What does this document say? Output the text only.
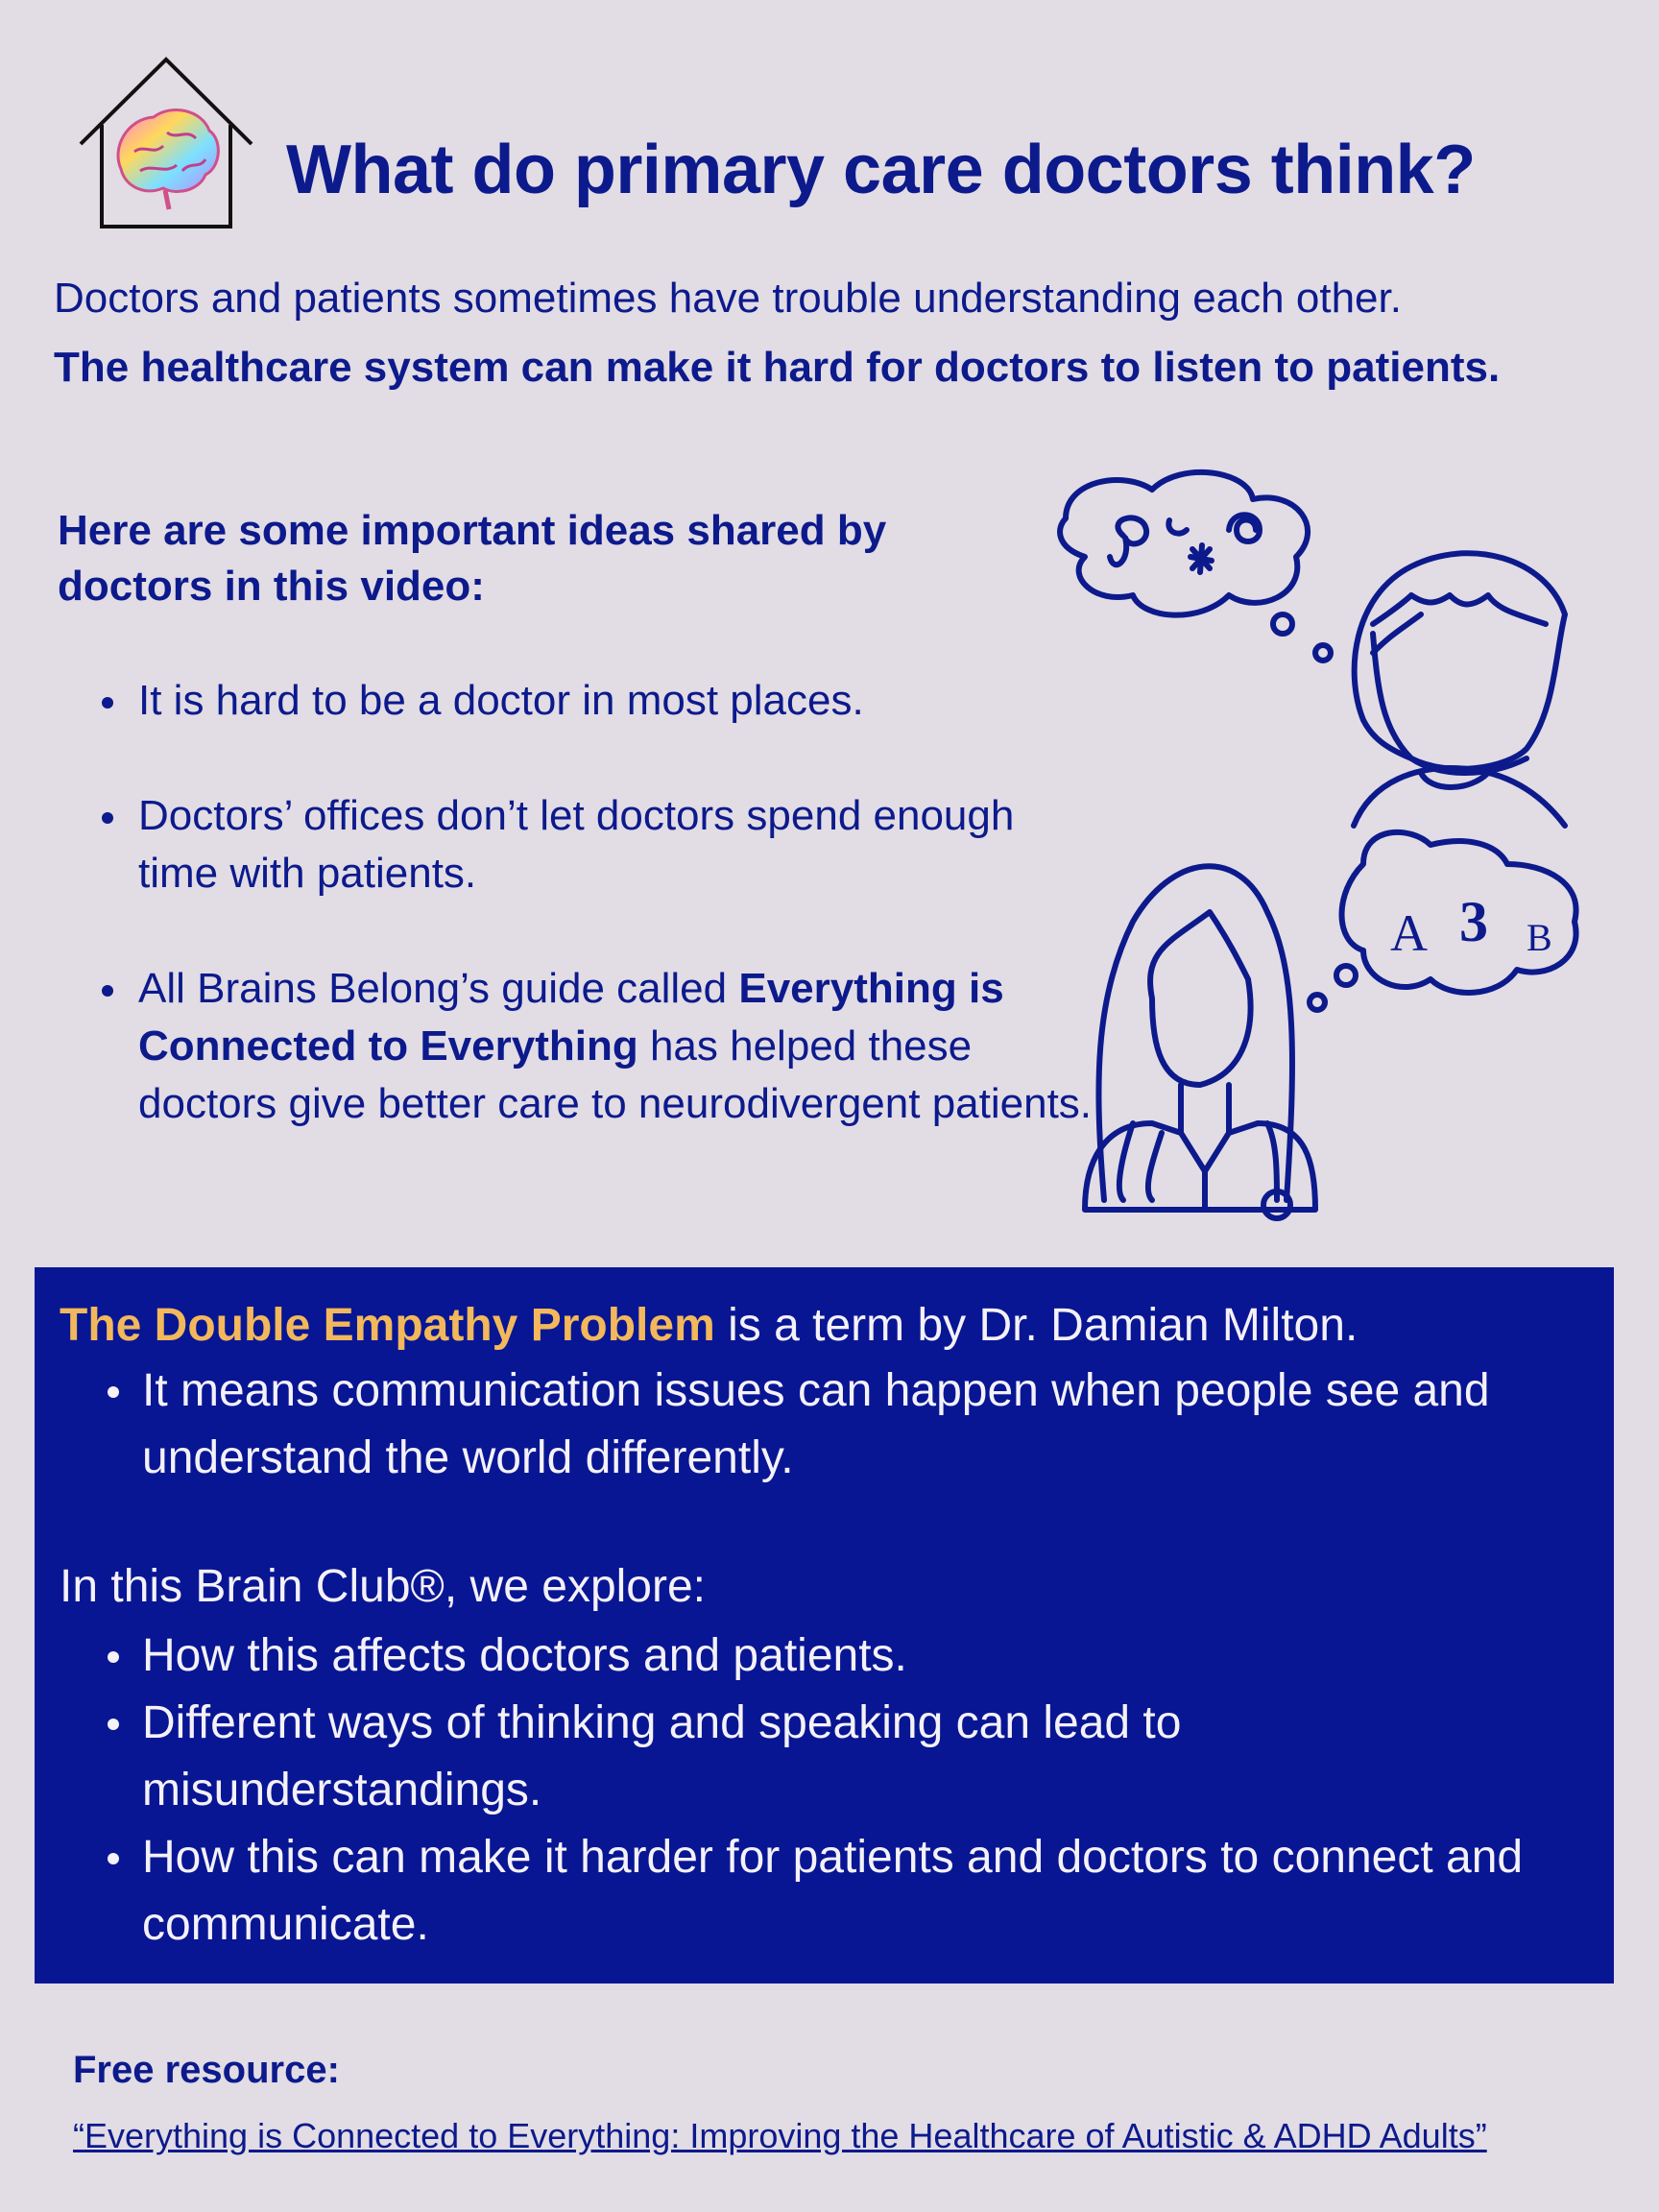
What do primary care doctors think?
Doctors and patients sometimes have trouble understanding each other.
The healthcare system can make it hard for doctors to listen to patients.
Here are some important ideas shared by doctors in this video:
It is hard to be a doctor in most places.
Doctors’ offices don’t let doctors spend enough time with patients.
All Brains Belong’s guide called Everything is Connected to Everything has helped these doctors give better care to neurodivergent patients.
A 3 B
The Double Empathy Problem is a term by Dr. Damian Milton.
It means communication issues can happen when people see and understand the world differently.
In this Brain Club®, we explore:
How this affects doctors and patients.
Different ways of thinking and speaking can lead to misunderstandings.
How this can make it harder for patients and doctors to connect and communicate.
Free resource:
“Everything is Connected to Everything: Improving the Healthcare of Autistic & ADHD Adults”
